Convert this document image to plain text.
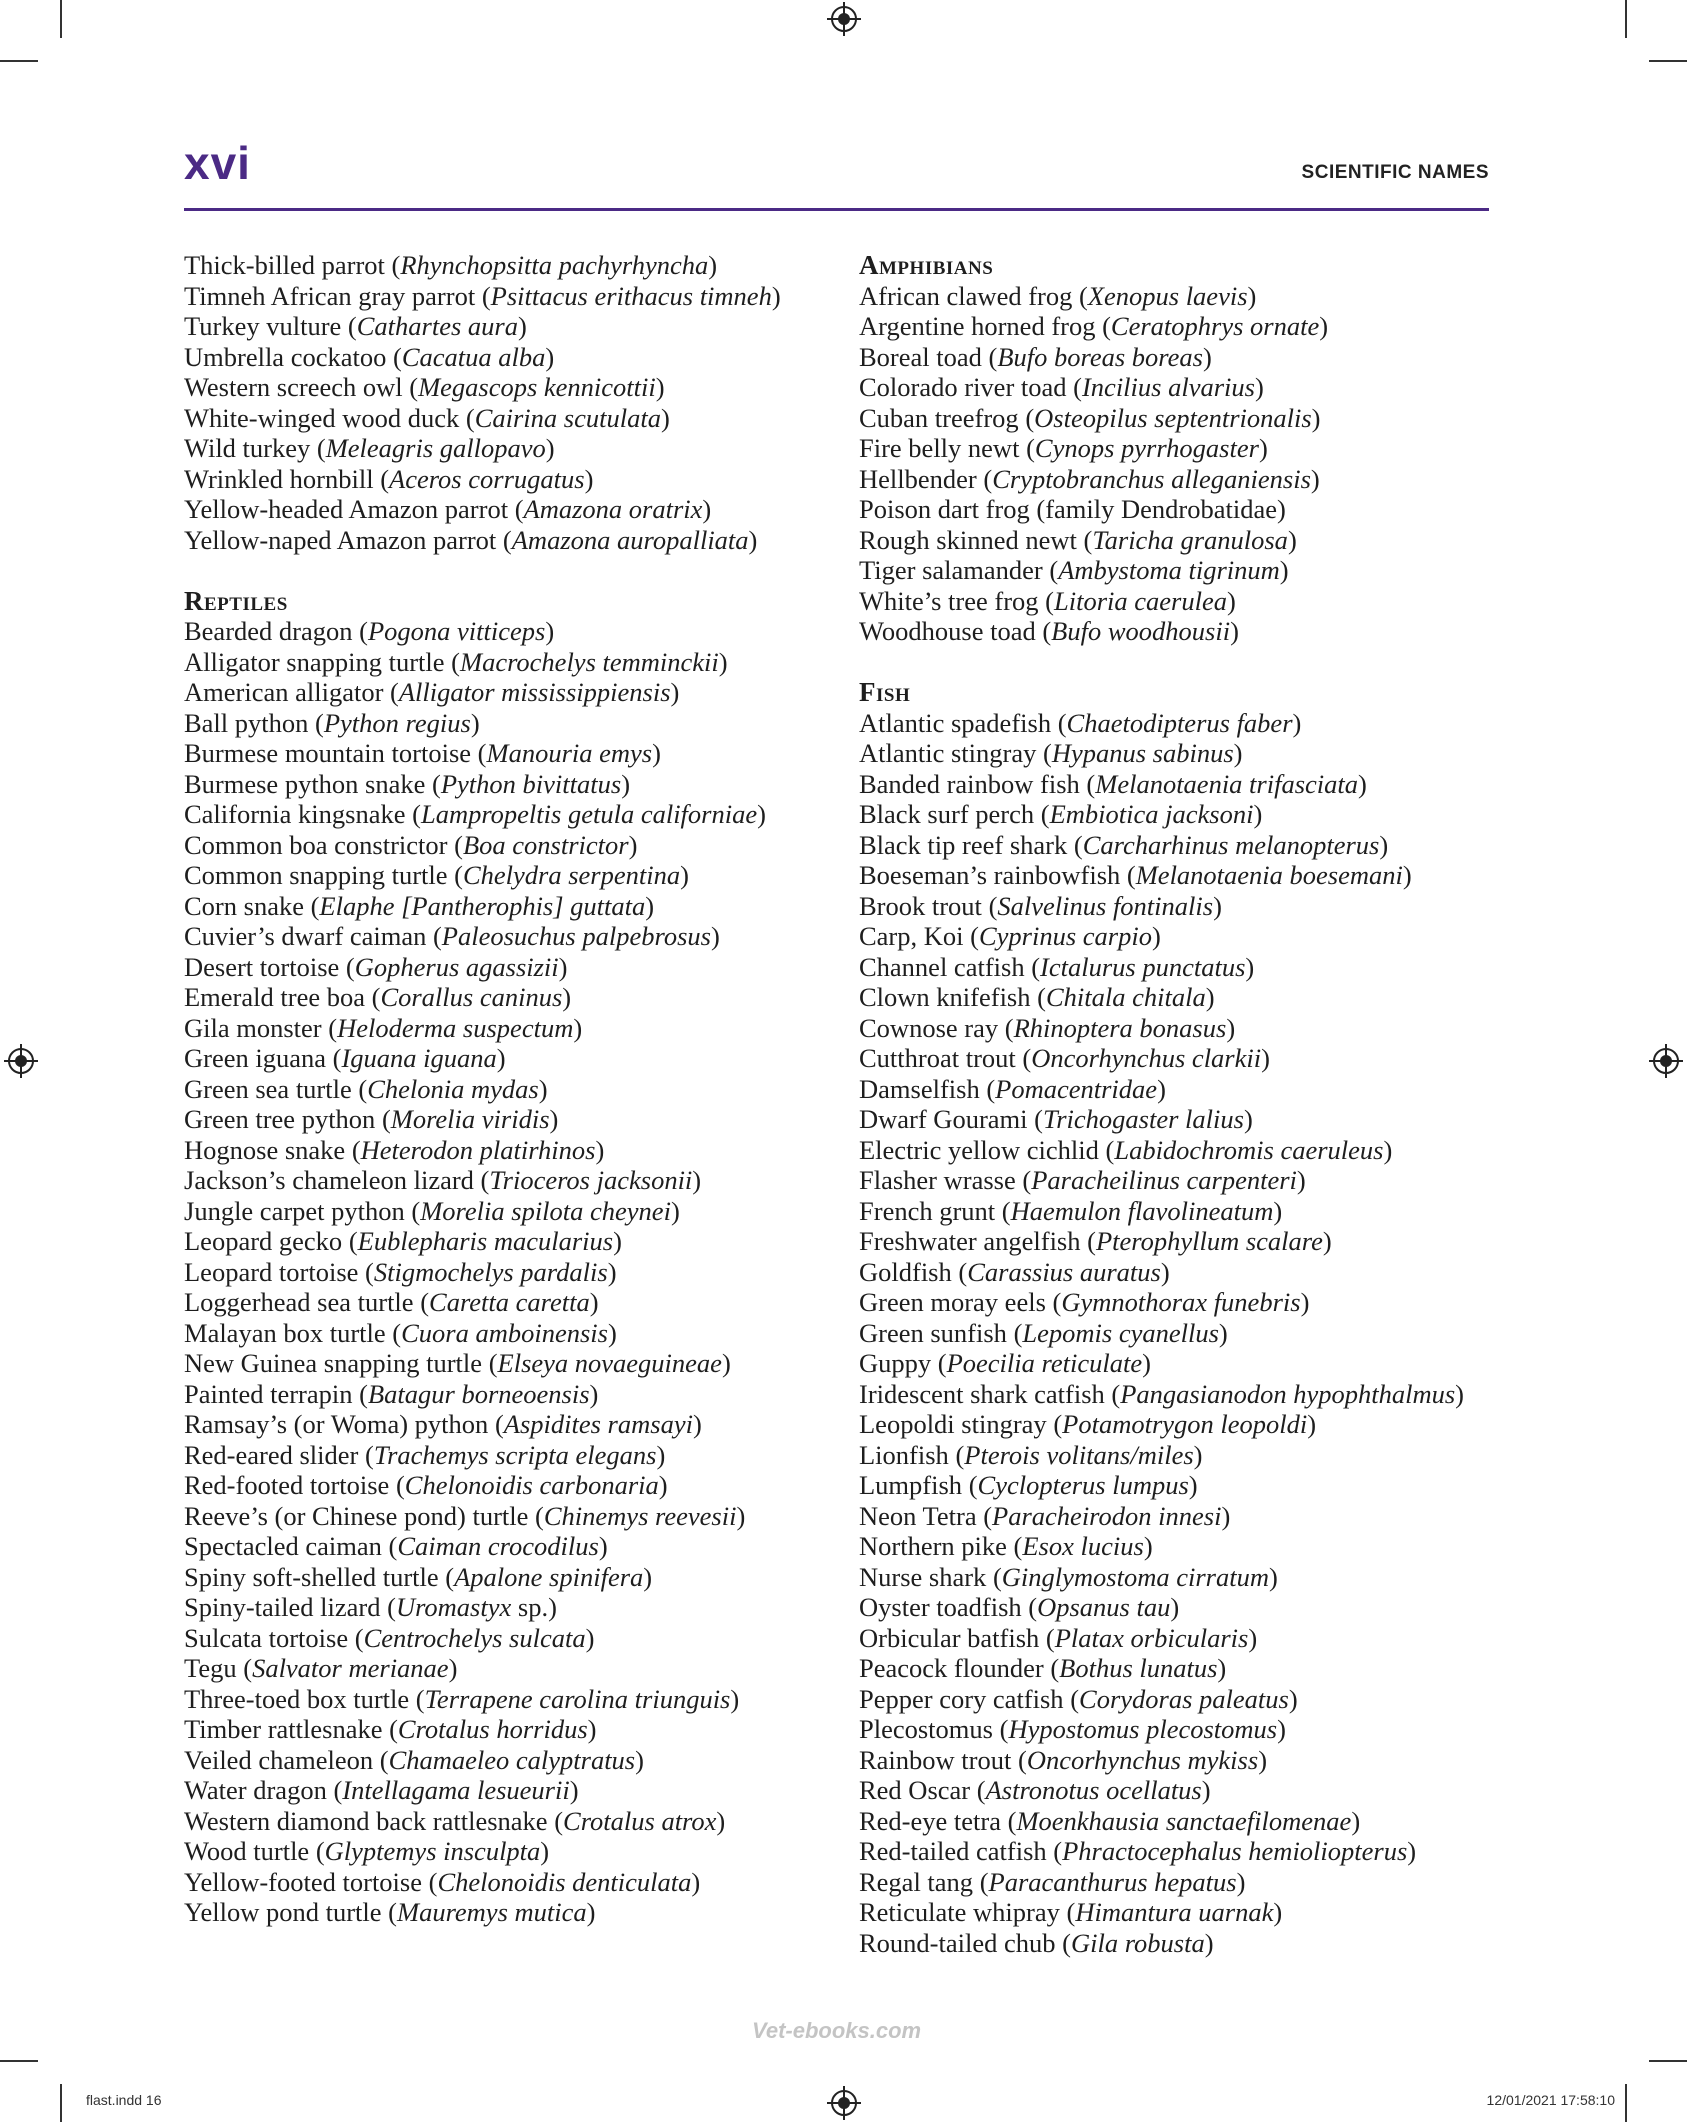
xvi	SCIENTIFIC NAMES
Thick-billed parrot (Rhynchopsitta pachyrhyncha)
Timneh African gray parrot (Psittacus erithacus timneh)
Turkey vulture (Cathartes aura)
Umbrella cockatoo (Cacatua alba)
Western screech owl (Megascops kennicottii)
White-winged wood duck (Cairina scutulata)
Wild turkey (Meleagris gallopavo)
Wrinkled hornbill (Aceros corrugatus)
Yellow-headed Amazon parrot (Amazona oratrix)
Yellow-naped Amazon parrot (Amazona auropalliata)
Reptiles
Bearded dragon (Pogona vitticeps)
Alligator snapping turtle (Macrochelys temminckii)
American alligator (Alligator mississippiensis)
Ball python (Python regius)
Burmese mountain tortoise (Manouria emys)
Burmese python snake (Python bivittatus)
California kingsnake (Lampropeltis getula californiae)
Common boa constrictor (Boa constrictor)
Common snapping turtle (Chelydra serpentina)
Corn snake (Elaphe [Pantherophis] guttata)
Cuvier’s dwarf caiman (Paleosuchus palpebrosus)
Desert tortoise (Gopherus agassizii)
Emerald tree boa (Corallus caninus)
Gila monster (Heloderma suspectum)
Green iguana (Iguana iguana)
Green sea turtle (Chelonia mydas)
Green tree python (Morelia viridis)
Hognose snake (Heterodon platirhinos)
Jackson’s chameleon lizard (Trioceros jacksonii)
Jungle carpet python (Morelia spilota cheynei)
Leopard gecko (Eublepharis macularius)
Leopard tortoise (Stigmochelys pardalis)
Loggerhead sea turtle (Caretta caretta)
Malayan box turtle (Cuora amboinensis)
New Guinea snapping turtle (Elseya novaeguineae)
Painted terrapin (Batagur borneoensis)
Ramsay’s (or Woma) python (Aspidites ramsayi)
Red-eared slider (Trachemys scripta elegans)
Red-footed tortoise (Chelonoidis carbonaria)
Reeve’s (or Chinese pond) turtle (Chinemys reevesii)
Spectacled caiman (Caiman crocodilus)
Spiny soft-shelled turtle (Apalone spinifera)
Spiny-tailed lizard (Uromastyx sp.)
Sulcata tortoise (Centrochelys sulcata)
Tegu (Salvator merianae)
Three-toed box turtle (Terrapene carolina triunguis)
Timber rattlesnake (Crotalus horridus)
Veiled chameleon (Chamaeleo calyptratus)
Water dragon (Intellagama lesueurii)
Western diamond back rattlesnake (Crotalus atrox)
Wood turtle (Glyptemys insculpta)
Yellow-footed tortoise (Chelonoidis denticulata)
Yellow pond turtle (Mauremys mutica)
Amphibians
African clawed frog (Xenopus laevis)
Argentine horned frog (Ceratophrys ornate)
Boreal toad (Bufo boreas boreas)
Colorado river toad (Incilius alvarius)
Cuban treefrog (Osteopilus septentrionalis)
Fire belly newt (Cynops pyrrhogaster)
Hellbender (Cryptobranchus alleganiensis)
Poison dart frog (family Dendrobatidae)
Rough skinned newt (Taricha granulosa)
Tiger salamander (Ambystoma tigrinum)
White’s tree frog (Litoria caerulea)
Woodhouse toad (Bufo woodhousii)
Fish
Atlantic spadefish (Chaetodipterus faber)
Atlantic stingray (Hypanus sabinus)
Banded rainbow fish (Melanotaenia trifasciata)
Black surf perch (Embiotica jacksoni)
Black tip reef shark (Carcharhinus melanopterus)
Boeseman’s rainbowfish (Melanotaenia boesemani)
Brook trout (Salvelinus fontinalis)
Carp, Koi (Cyprinus carpio)
Channel catfish (Ictalurus punctatus)
Clown knifefish (Chitala chitala)
Cownose ray (Rhinoptera bonasus)
Cutthroat trout (Oncorhynchus clarkii)
Damselfish (Pomacentridae)
Dwarf Gourami (Trichogaster lalius)
Electric yellow cichlid (Labidochromis caeruleus)
Flasher wrasse (Paracheilinus carpenteri)
French grunt (Haemulon flavolineatum)
Freshwater angelfish (Pterophyllum scalare)
Goldfish (Carassius auratus)
Green moray eels (Gymnothorax funebris)
Green sunfish (Lepomis cyanellus)
Guppy (Poecilia reticulate)
Iridescent shark catfish (Pangasianodon hypophthalmus)
Leopoldi stingray (Potamotrygon leopoldi)
Lionfish (Pterois volitans/miles)
Lumpfish (Cyclopterus lumpus)
Neon Tetra (Paracheirodon innesi)
Northern pike (Esox lucius)
Nurse shark (Ginglymostoma cirratum)
Oyster toadfish (Opsanus tau)
Orbicular batfish (Platax orbicularis)
Peacock flounder (Bothus lunatus)
Pepper cory catfish (Corydoras paleatus)
Plecostomus (Hypostomus plecostomus)
Rainbow trout (Oncorhynchus mykiss)
Red Oscar (Astronotus ocellatus)
Red-eye tetra (Moenkhausia sanctaefilomenae)
Red-tailed catfish (Phractocephalus hemioliopterus)
Regal tang (Paracanthurus hepatus)
Reticulate whipray (Himantura uarnak)
Round-tailed chub (Gila robusta)
Vet-ebooks.com
flast.indd 16	12/01/2021 17:58:10
